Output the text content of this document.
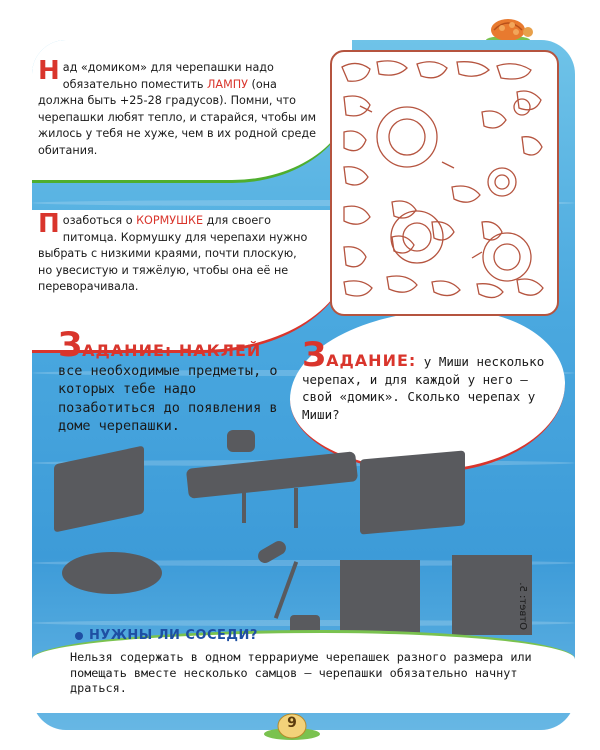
Над «домиком» для черепашки надо обязательно поместить ЛАМПУ (она должна быть +25-28 градусов). Помни, что черепашки любят тепло, и старайся, чтобы им жилось у тебя не хуже, чем в их родной среде обитания.
Позаботься о КОРМУШКЕ для своего питомца. Кормушку для черепахи нужно выбрать с низкими краями, почти плоскую, но увесистую и тяжёлую, чтобы она её не переворачивала.
ЗАДАНИЕ: НАКЛЕЙ
все необходимые предметы, о которых тебе надо позаботиться до появления в доме черепашки.
ЗАДАНИЕ: у Миши несколько черепах, и для каждой у него – свой «домик». Сколько черепах у Миши?
Ответ: 5.
НУЖНЫ ЛИ СОСЕДИ?
Нельзя содержать в одном террариуме черепашек разного размера или помещать вместе несколько самцов – черепашки обязательно начнут драться.
9
